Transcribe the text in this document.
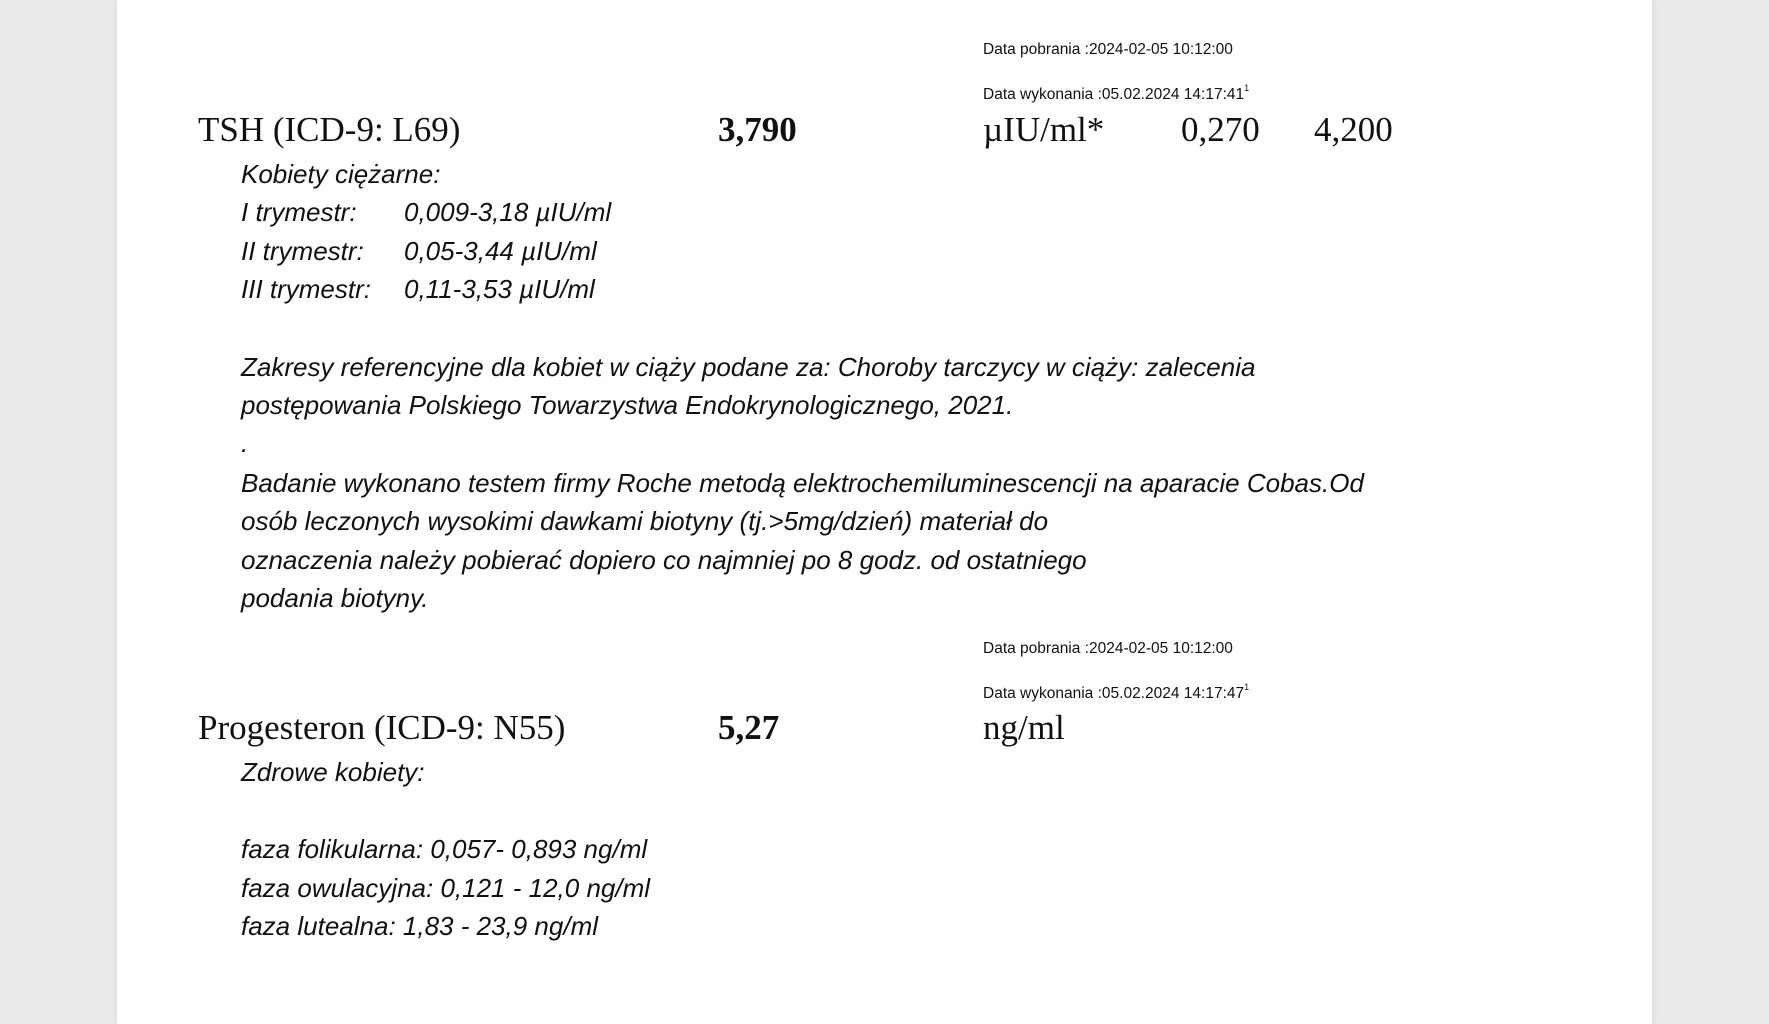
Data pobrania :2024-02-05 10:12:00
Data wykonania :05.02.2024 $14:17:41^1$
TSH (ICD-9: L69)	3,790	µIU/ml* 0,270 4,200
Kobiety ciężarne:
I trymestr: 0,009-3,18 µIU/ml
II trymestr: 0,05-3,44 µIU/ml
III trymestr: 0,11-3,53 µIU/ml
Zakresy referencyjne dla kobiet w ciąży podane za: Choroby tarczycy w ciąży: zalecenia
postępowania Polskiego Towarzystwa Endokrynologicznego, 2021.
.
Badanie wykonano testem firmy Roche metodą elektrochemiluminescencji na aparacie Cobas.Od
osób leczonych wysokimi dawkami biotyny (tj.>5mg/dzień) materiał do
oznaczenia należy pobierać dopiero co najmniej po 8 godz. od ostatniego
podania biotyny.
Data pobrania :2024-02-05 10:12:00
Data wykonania :05.02.2024 $14:17:47^1$
Progesteron (ICD-9: N55)	5,27	ng/ml
Zdrowe kobiety:
faza folikularna: 0,057- 0,893 ng/ml
faza owulacyjna: 0,121 - 12,0 ng/ml
faza lutealna: 1,83 - 23,9 ng/ml
